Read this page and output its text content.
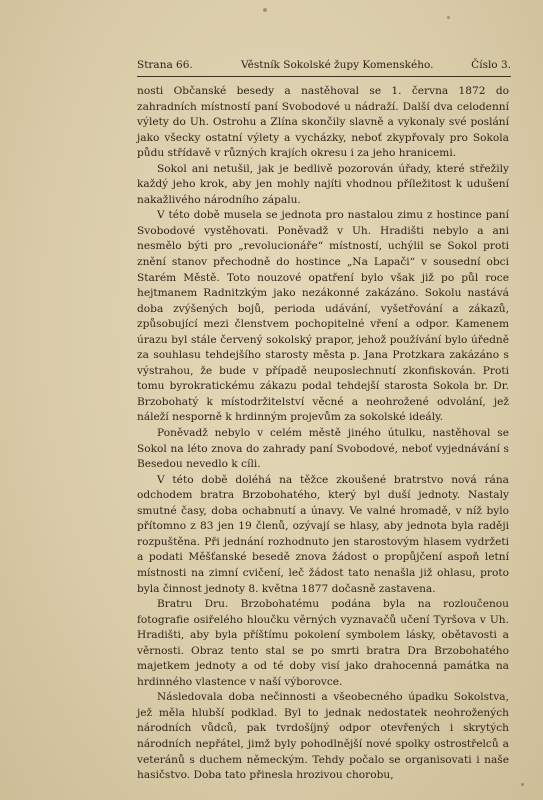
Strana 66.	Věstník Sokolské župy Komenského.	Číslo 3.

nosti Občanské besedy a nastěhoval se 1. června 1872 do zahradních místností paní Svobodové u nádraží. Další dva celodenní výlety do Uh. Ostrohu a Zlína skončily slavně a vykonaly své poslání jako všecky ostatní výlety a vycházky, neboť zkypřovaly pro Sokola půdu střídavě v různých krajích okresu i za jeho hranicemi.

Sokol ani netušil, jak je bedlivě pozorován úřady, které střežily každý jeho krok, aby jen mohly najíti vhodnou příležitost k udušení nakažlivého národního zápalu.

V této době musela se jednota pro nastalou zimu z hostince paní Svobodové vystěhovati. Poněvadž v Uh. Hradišti nebylo a ani nesmělo býti pro „revolucionáře“ místností, uchýlil se Sokol proti znění stanov přechodně do hostince „Na Lapači“ v sousední obci Starém Městě. Toto nouzové opatření bylo však již po půl roce hejtmanem Radnitzkým jako nezákonné zakázáno. Sokolu nastává doba zvýšených bojů, perioda udávání, vyšetřování a zákazů, způsobující mezi členstvem pochopitelné vření a odpor. Kamenem úrazu byl stále červený sokolský prapor, jehož používání bylo úředně za souhlasu tehdejšího starosty města p. Jana Protzkara zakázáno s výstrahou, že bude v případě neuposlechnutí zkonfiskován. Proti tomu byrokratickému zákazu podal tehdejší starosta Sokola br. Dr. Brzobohatý k místodržitelství věcné a neohrožené odvolání, jež náleží nesporně k hrdinným projevům za sokolské ideály.

Poněvadž nebylo v celém městě jiného útulku, nastěhoval se Sokol na léto znova do zahrady paní Svobodové, neboť vyjednávání s Besedou nevedlo k cíli.

V této době doléhá na těžce zkoušené bratrstvo nová rána odchodem bratra Brzobohatého, který byl duší jednoty. Nastaly smutné časy, doba ochabnutí a únavy. Ve valné hromadě, v níž bylo přítomno z 83 jen 19 členů, ozývají se hlasy, aby jednota byla raději rozpuštěna. Při jednání rozhodnuto jen starostovým hlasem vydržeti a podati Měšťanské besedě znova žádost o propůjčení aspoň letní místnosti na zimní cvičení, leč žádost tato nenašla již ohlasu, proto byla činnost jednoty 8. května 1877 dočasně zastavena.

Bratru Dru. Brzobohatému podána byla na rozloučenou fotografie osiřelého hloučku věrných vyznavačů učení Tyršova v Uh. Hradišti, aby byla příštímu pokolení symbolem lásky, obětavosti a věrnosti. Obraz tento stal se po smrti bratra Dra Brzobohatého majetkem jednoty a od té doby visí jako drahocenná památka na hrdinného vlastence v naší výborovce.

Následovala doba nečinnosti a všeobecného úpadku Sokolstva, jež měla hlubší podklad. Byl to jednak nedostatek neohrožených národních vůdců, pak tvrdošíjný odpor otevřených i skrytých národních nepřátel, jimž byly pohodlnější nové spolky ostrostřelců a veteránů s duchem německým. Tehdy počalo se organisovati i naše hasičstvo. Doba tato přinesla hrozivou chorobu,
